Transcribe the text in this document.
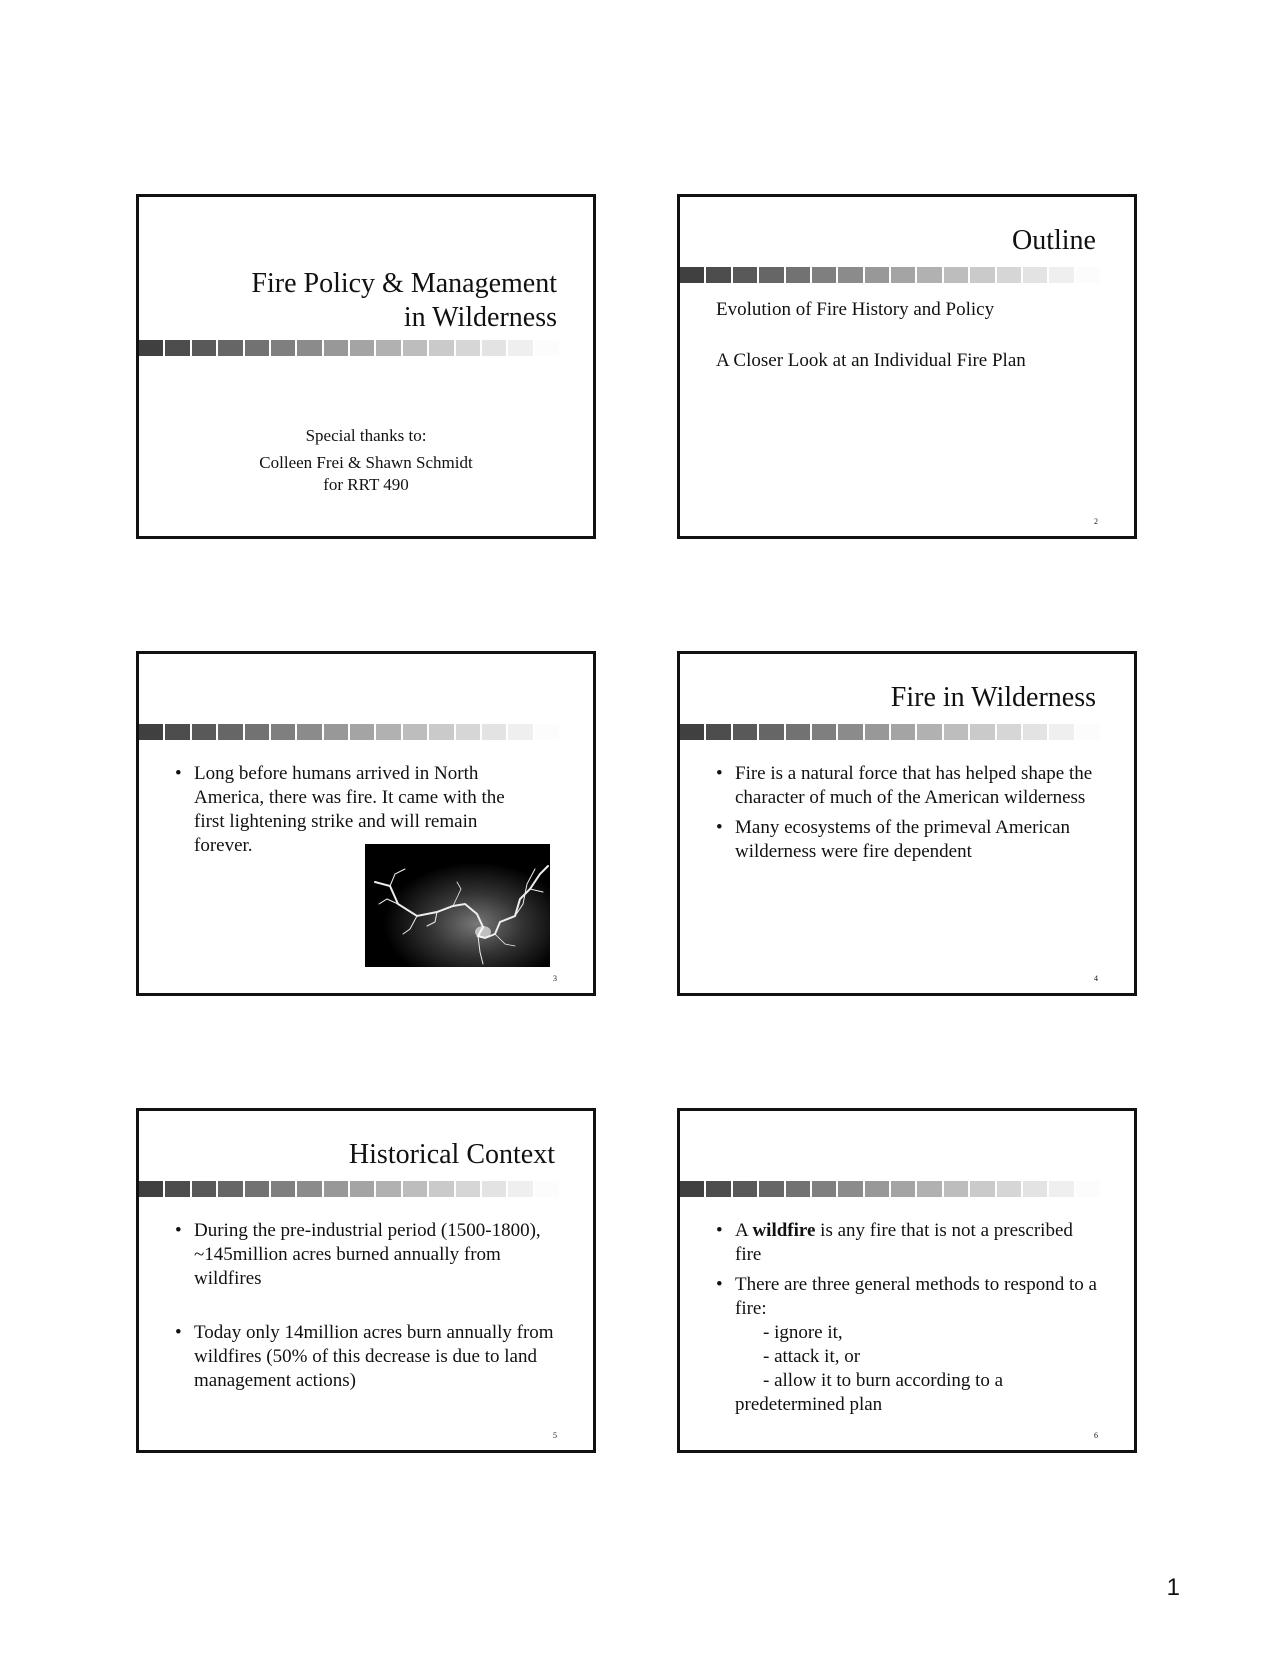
Fire Policy & Management
in Wilderness
Special thanks to:
Colleen Frei & Shawn Schmidt
for RRT 490
Outline
Evolution of Fire History and Policy
A Closer Look at an Individual Fire Plan
2
• Long before humans arrived in North America, there was fire. It came with the first lightening strike and will remain forever.
3
Fire in Wilderness
• Fire is a natural force that has helped shape the character of much of the American wilderness
• Many ecosystems of the primeval American wilderness were fire dependent
4
Historical Context
• During the pre-industrial period (1500-1800), ~145million acres burned annually from wildfires
• Today only 14million acres burn annually from wildfires (50% of this decrease is due to land management actions)
5
• A wildfire is any fire that is not a prescribed fire
• There are three general methods to respond to a fire:
- ignore it,
- attack it, or
- allow it to burn according to a
predetermined plan
6
1
